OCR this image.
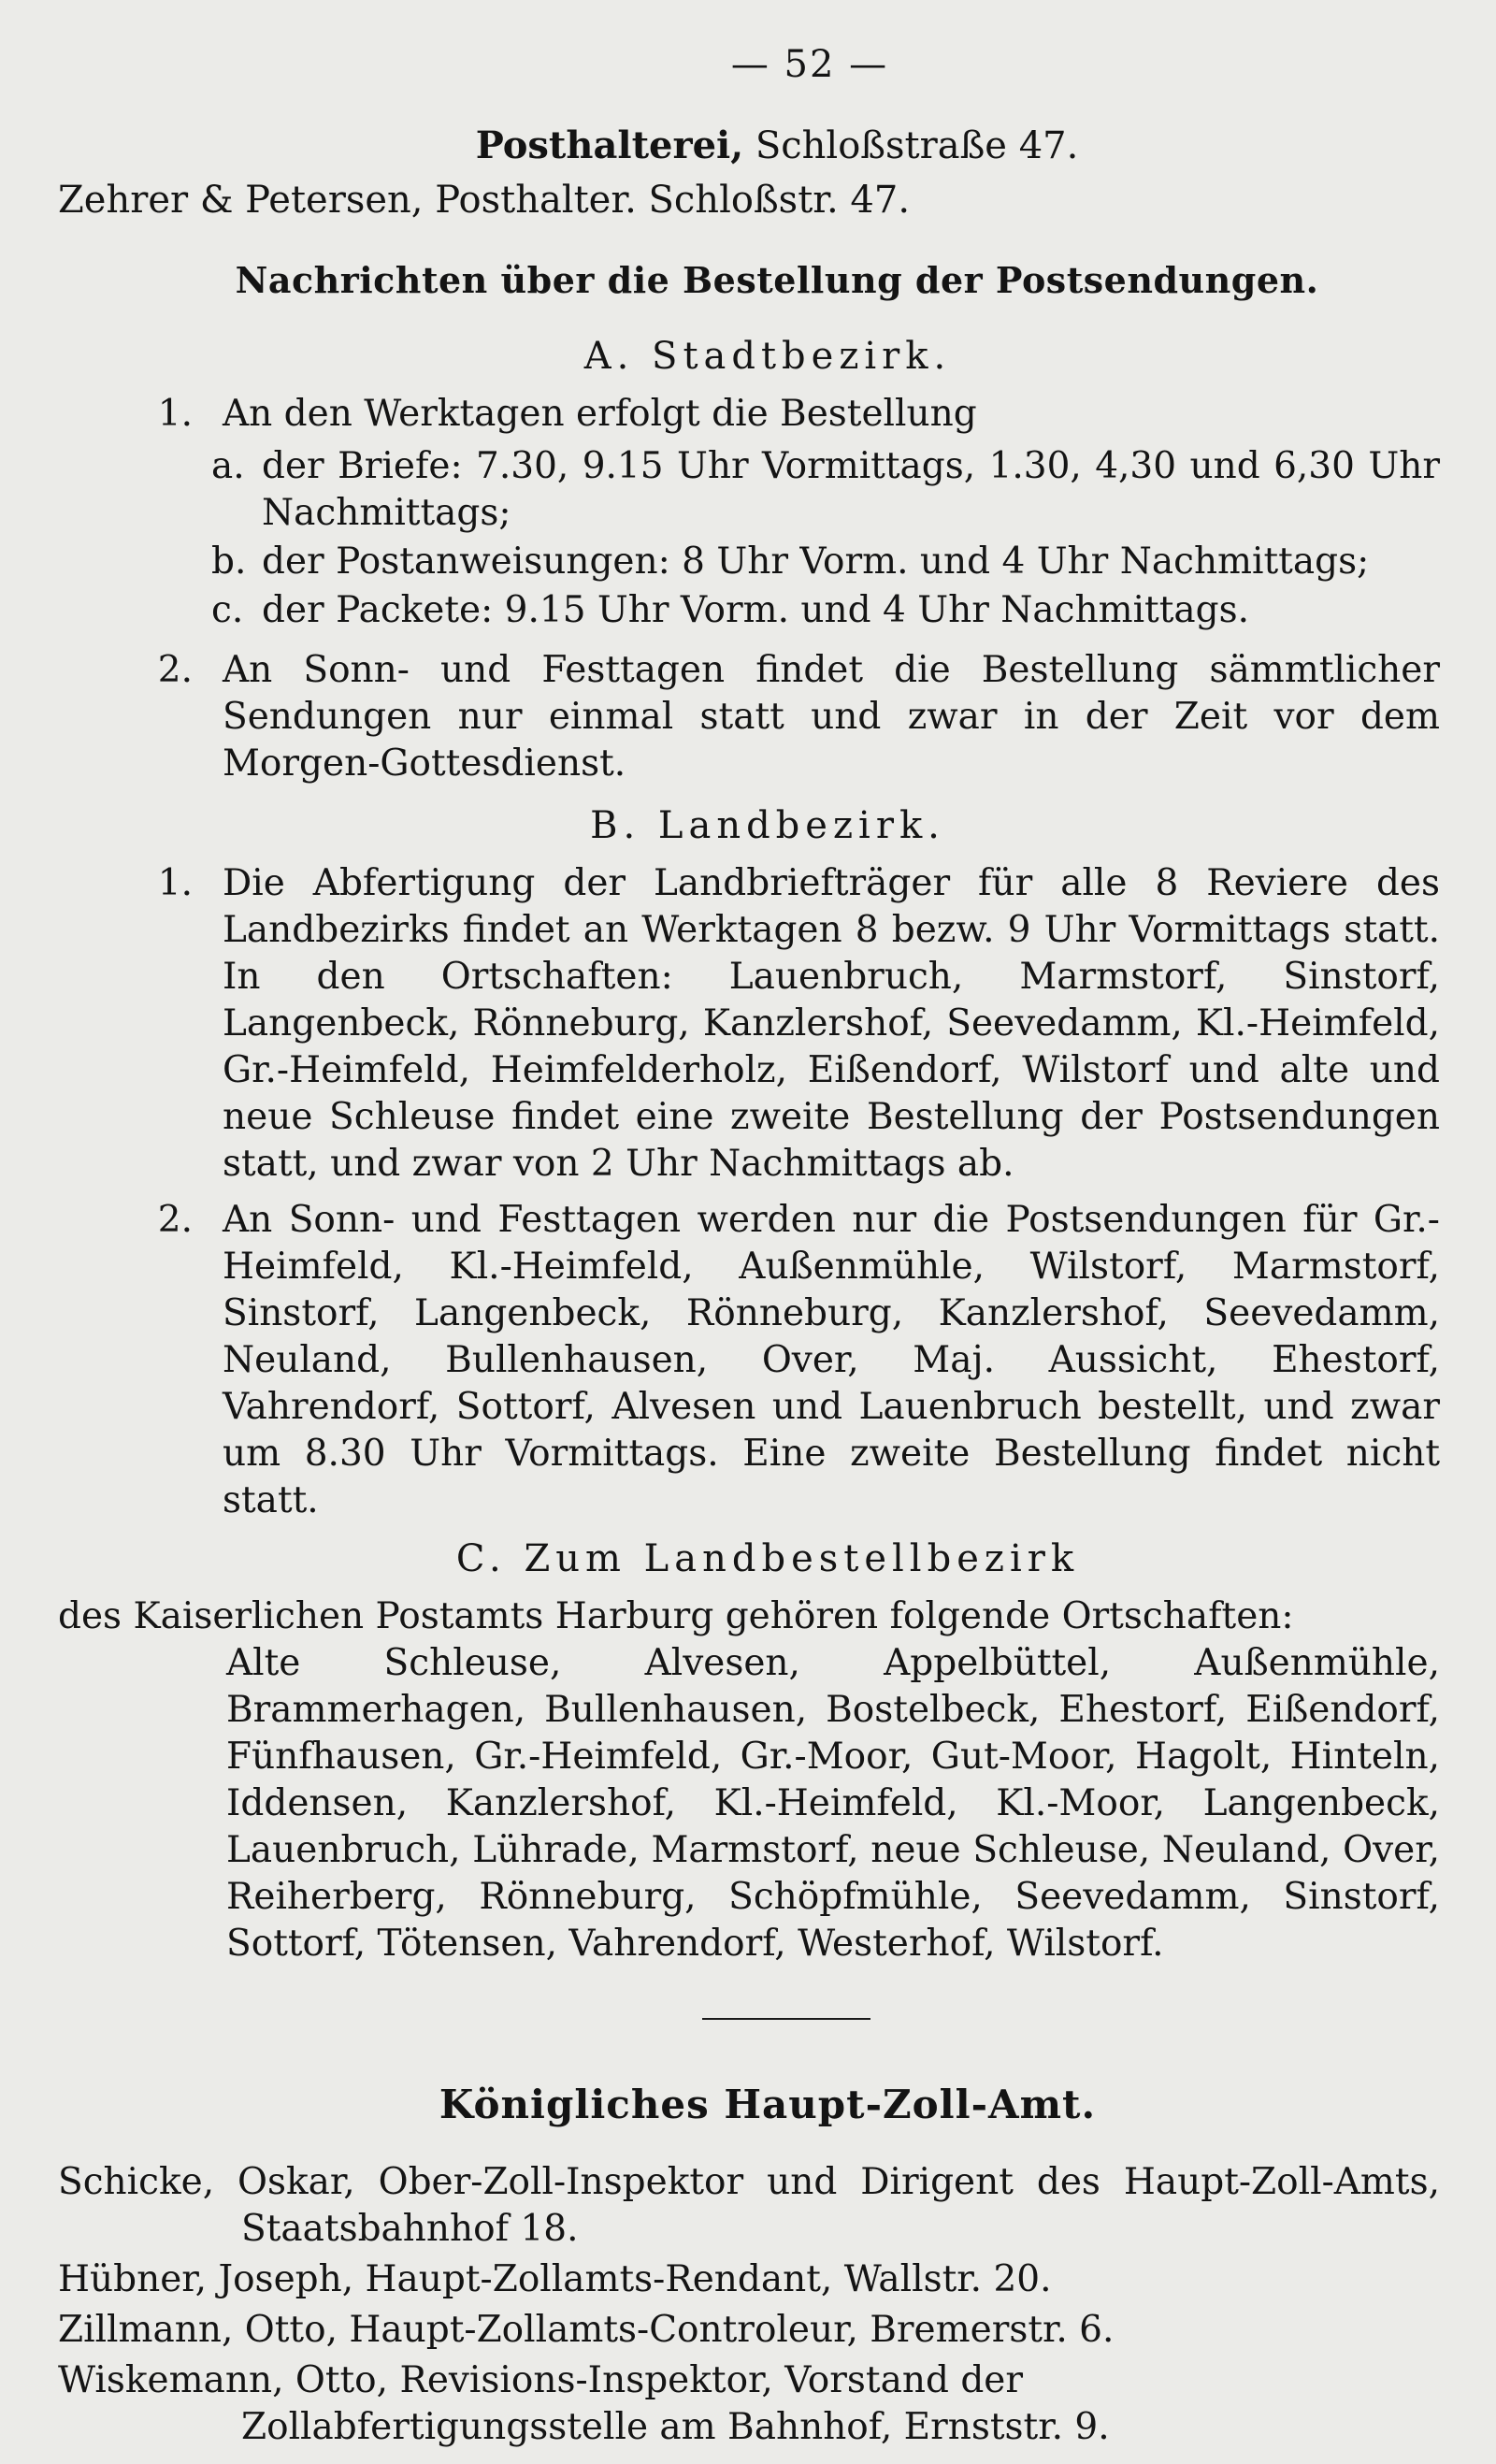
— 52 —
Posthalterei, Schloßstraße 47.

Zehrer & Petersen, Posthalter. Schloßstr. 47.

Nachrichten über die Bestellung der Postsendungen.
A. Stadtbezirk.
1. An den Werktagen erfolgt die Bestellung
a. der Briefe: 7.30, 9.15 Uhr Vormittags, 1.30, 4,30 und 6,30 Uhr Nachmittags;
b. der Postanweisungen: 8 Uhr Vorm. und 4 Uhr Nachmittags;
c. der Packete: 9.15 Uhr Vorm. und 4 Uhr Nachmittags.
2. An Sonn- und Festtagen findet die Bestellung sämmtlicher Sendungen nur einmal statt und zwar in der Zeit vor dem Morgen-Gottesdienst.
B. Landbezirk.
1. Die Abfertigung der Landbriefträger für alle 8 Reviere des Landbezirks findet an Werktagen 8 bezw. 9 Uhr Vormittags statt. In den Ortschaften: Lauenbruch, Marmstorf, Sinstorf, Langenbeck, Rönneburg, Kanzlershof, Seevedamm, Kl.-Heimfeld, Gr.-Heimfeld, Heimfelderholz, Eißendorf, Wilstorf und alte und neue Schleuse findet eine zweite Bestellung der Postsendungen statt, und zwar von 2 Uhr Nachmittags ab.
2. An Sonn- und Festtagen werden nur die Postsendungen für Gr.-Heimfeld, Kl.-Heimfeld, Außenmühle, Wilstorf, Marmstorf, Sinstorf, Langenbeck, Rönneburg, Kanzlershof, Seevedamm, Neuland, Bullenhausen, Over, Maj. Aussicht, Ehestorf, Vahrendorf, Sottorf, Alvesen und Lauenbruch bestellt, und zwar um 8.30 Uhr Vormittags. Eine zweite Bestellung findet nicht statt.
C. Zum Landbestellbezirk

des Kaiserlichen Postamts Harburg gehören folgende Ortschaften:

Alte Schleuse, Alvesen, Appelbüttel, Außenmühle, Brammerhagen, Bullenhausen, Bostelbeck, Ehestorf, Eißendorf, Fünfhausen, Gr.-Heimfeld, Gr.-Moor, Gut-Moor, Hagolt, Hinteln, Iddensen, Kanzlershof, Kl.-Heimfeld, Kl.-Moor, Langenbeck, Lauenbruch, Lührade, Marmstorf, neue Schleuse, Neuland, Over, Reiherberg, Rönneburg, Schöpfmühle, Seevedamm, Sinstorf, Sottorf, Tötensen, Vahrendorf, Westerhof, Wilstorf.

Königliches Haupt-Zoll-Amt.

Schicke, Oskar, Ober-Zoll-Inspektor und Dirigent des Haupt-Zoll-Amts, Staatsbahnhof 18.

Hübner, Joseph, Haupt-Zollamts-Rendant, Wallstr. 20.

Zillmann, Otto, Haupt-Zollamts-Controleur, Bremerstr. 6.

Wiskemann, Otto, Revisions-Inspektor, Vorstand der Zollabfertigungsstelle am Bahnhof, Ernststr. 9.
